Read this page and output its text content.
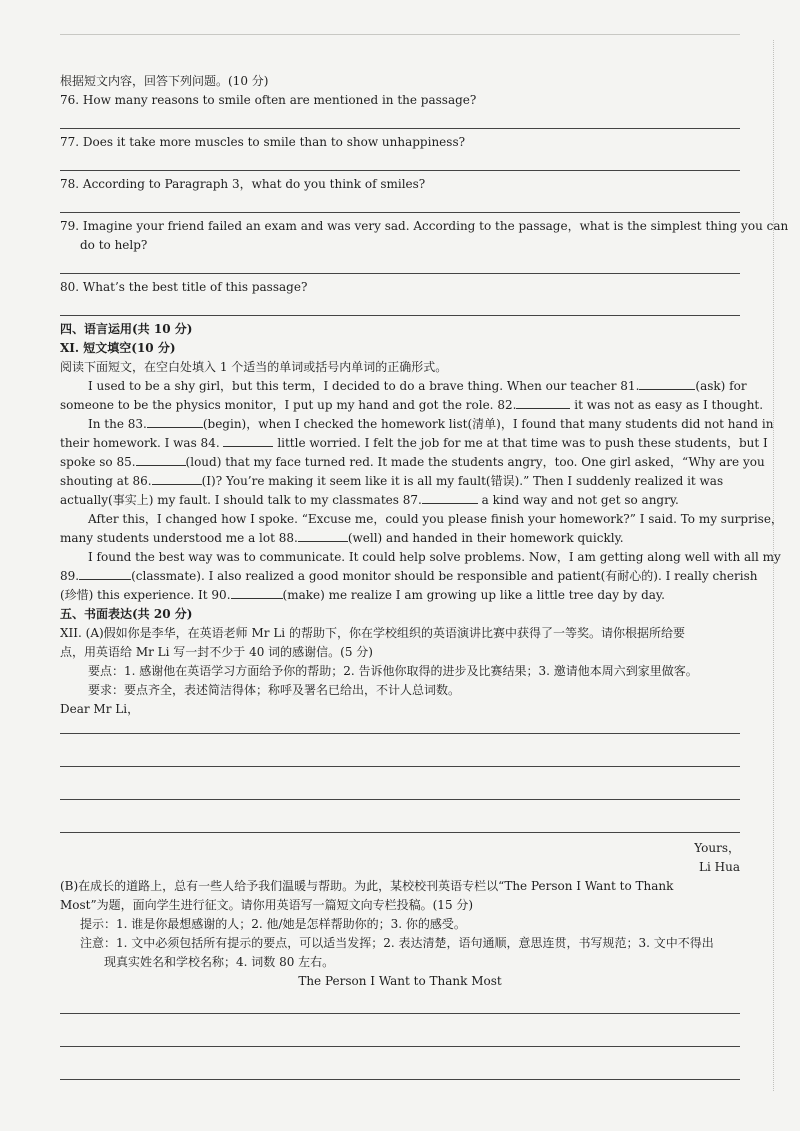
根据短文内容，回答下列问题。(10 分)
76. How many reasons to smile often are mentioned in the passage?
77. Does it take more muscles to smile than to show unhappiness?
78. According to Paragraph 3，what do you think of smiles?
79. Imagine your friend failed an exam and was very sad. According to the passage，what is the simplest thing you can
do to help?
80. What’s the best title of this passage?
四、语言运用(共 10 分)
XI. 短文填空(10 分)
阅读下面短文，在空白处填入 1 个适当的单词或括号内单词的正确形式。
I used to be a shy girl，but this term，I decided to do a brave thing. When our teacher 81.	(ask) for
someone to be the physics monitor，I put up my hand and got the role. 82.	it was not as easy as I thought.
In the 83.	(begin)，when I checked the homework list(清单)，I found that many students did not hand in
their homework. I was 84.	little worried. I felt the job for me at that time was to push these students，but I
spoke so 85.	(loud) that my face turned red. It made the students angry，too. One girl asked，“Why are you
shouting at 86.	(I)? You’re making it seem like it is all my fault(错误).” Then I suddenly realized it was
actually(事实上) my fault. I should talk to my classmates 87.	a kind way and not get so angry.
After this，I changed how I spoke. “Excuse me，could you please finish your homework?” I said. To my surprise，
many students understood me a lot 88.	(well) and handed in their homework quickly.
I found the best way was to communicate. It could help solve problems. Now，I am getting along well with all my
89.	(classmate). I also realized a good monitor should be responsible and patient(有耐心的). I really cherish
(珍惜) this experience. It 90.	(make) me realize I am growing up like a little tree day by day.
五、书面表达(共 20 分)
XII. (A)假如你是李华，在英语老师 Mr Li 的帮助下，你在学校组织的英语演讲比赛中获得了一等奖。请你根据所给要
点，用英语给 Mr Li 写一封不少于 40 词的感谢信。(5 分)
要点：1. 感谢他在英语学习方面给予你的帮助；2. 告诉他你取得的进步及比赛结果；3. 邀请他本周六到家里做客。
要求：要点齐全，表述简洁得体；称呼及署名已给出，不计人总词数。
Dear Mr Li，
Yours，
Li Hua
(B)在成长的道路上，总有一些人给予我们温暖与帮助。为此，某校校刊英语专栏以“The Person I Want to Thank
Most”为题，面向学生进行征文。请你用英语写一篇短文向专栏投稿。(15 分)
提示：1. 谁是你最想感谢的人；2. 他/她是怎样帮助你的；3. 你的感受。
注意：1. 文中必须包括所有提示的要点，可以适当发挥；2. 表达清楚，语句通顺，意思连贯，书写规范；3. 文中不得出
现真实姓名和学校名称；4. 词数 80 左右。
The Person I Want to Thank Most
